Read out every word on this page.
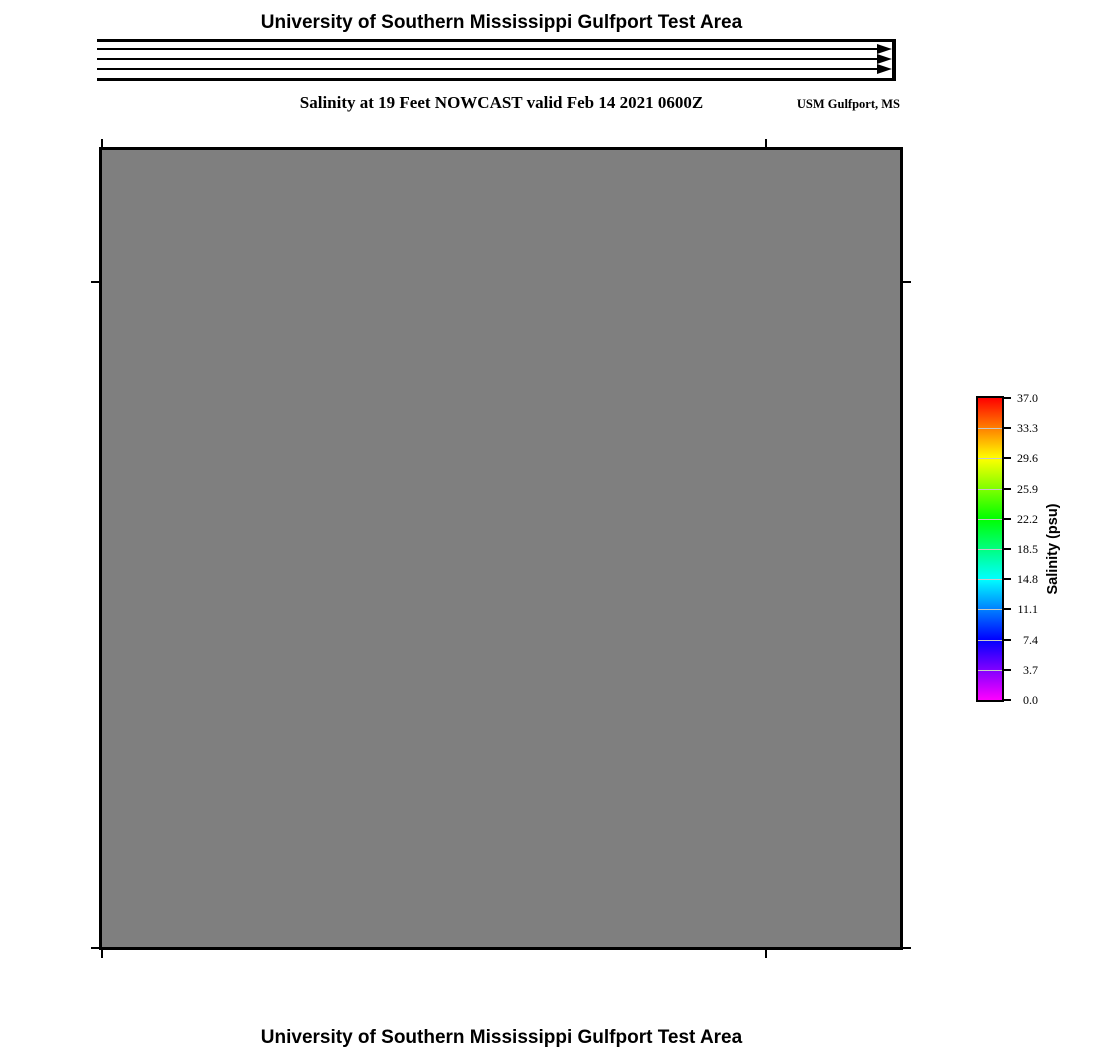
University of Southern Mississippi Gulfport Test Area
Salinity at 19 Feet NOWCAST valid Feb 14 2021 0600Z	USM Gulfport, MS
37.0
33.3
29.6
25.9
22.2
18.5
14.8
11.1
7.4
3.7
0.0
Salinity (psu)
University of Southern Mississippi Gulfport Test Area
